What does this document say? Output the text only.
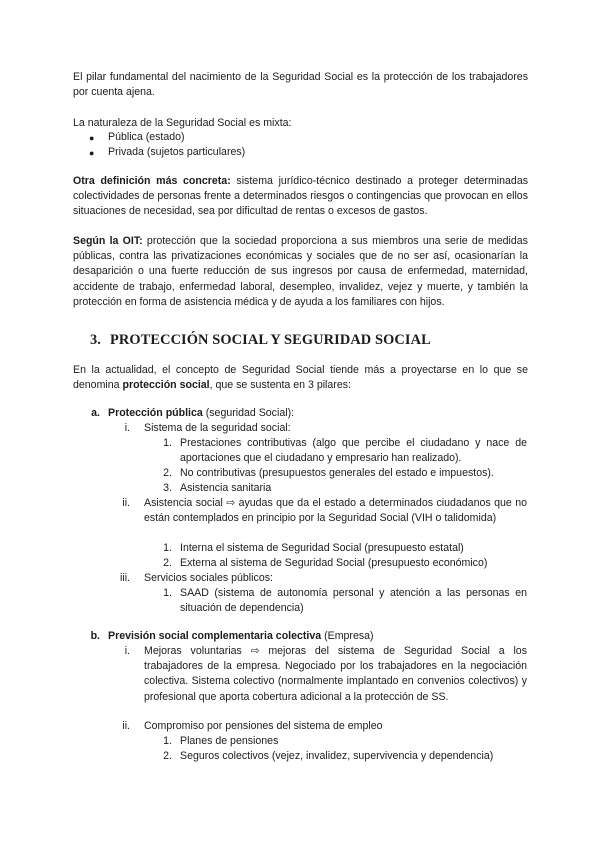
El pilar fundamental del nacimiento de la Seguridad Social es la protección de los trabajadores por cuenta ajena.

La naturaleza de la Seguridad Social es mixta:

● Pública (estado)
● Privada (sujetos particulares)

Otra definición más concreta: sistema jurídico-técnico destinado a proteger determinadas colectividades de personas frente a determinados riesgos o contingencias que provocan en ellos situaciones de necesidad, sea por dificultad de rentas o excesos de gastos.

Según la OIT: protección que la sociedad proporciona a sus miembros una serie de medidas públicas, contra las privatizaciones económicas y sociales que de no ser así, ocasionarían la desaparición o una fuerte reducción de sus ingresos por causa de enfermedad, maternidad, accidente de trabajo, enfermedad laboral, desempleo, invalidez, vejez y muerte, y también la protección en forma de asistencia médica y de ayuda a los familiares con hijos.

3. PROTECCIÓN SOCIAL Y SEGURIDAD SOCIAL

En la actualidad, el concepto de Seguridad Social tiende más a proyectarse en lo que se denomina protección social, que se sustenta en 3 pilares:

a. Protección pública (seguridad Social):
i. Sistema de la seguridad social:
1. Prestaciones contributivas (algo que percibe el ciudadano y nace de aportaciones que el ciudadano y empresario han realizado).
2. No contributivas (presupuestos generales del estado e impuestos).
3. Asistencia sanitaria
ii. Asistencia social ⇨ ayudas que da el estado a determinados ciudadanos que no están contemplados en principio por la Seguridad Social (VIH o talidomida)
1. Interna el sistema de Seguridad Social (presupuesto estatal)
2. Externa al sistema de Seguridad Social (presupuesto económico)
iii. Servicios sociales públicos:
1. SAAD (sistema de autonomía personal y atención a las personas en situación de dependencia)
b. Previsión social complementaria colectiva (Empresa)
i. Mejoras voluntarias ⇨ mejoras del sistema de Seguridad Social a los trabajadores de la empresa. Negociado por los trabajadores en la negociación colectiva. Sistema colectivo (normalmente implantado en convenios colectivos) y profesional que aporta cobertura adicional a la protección de SS.
ii. Compromiso por pensiones del sistema de empleo
1. Planes de pensiones
2. Seguros colectivos (vejez, invalidez, supervivencia y dependencia)
